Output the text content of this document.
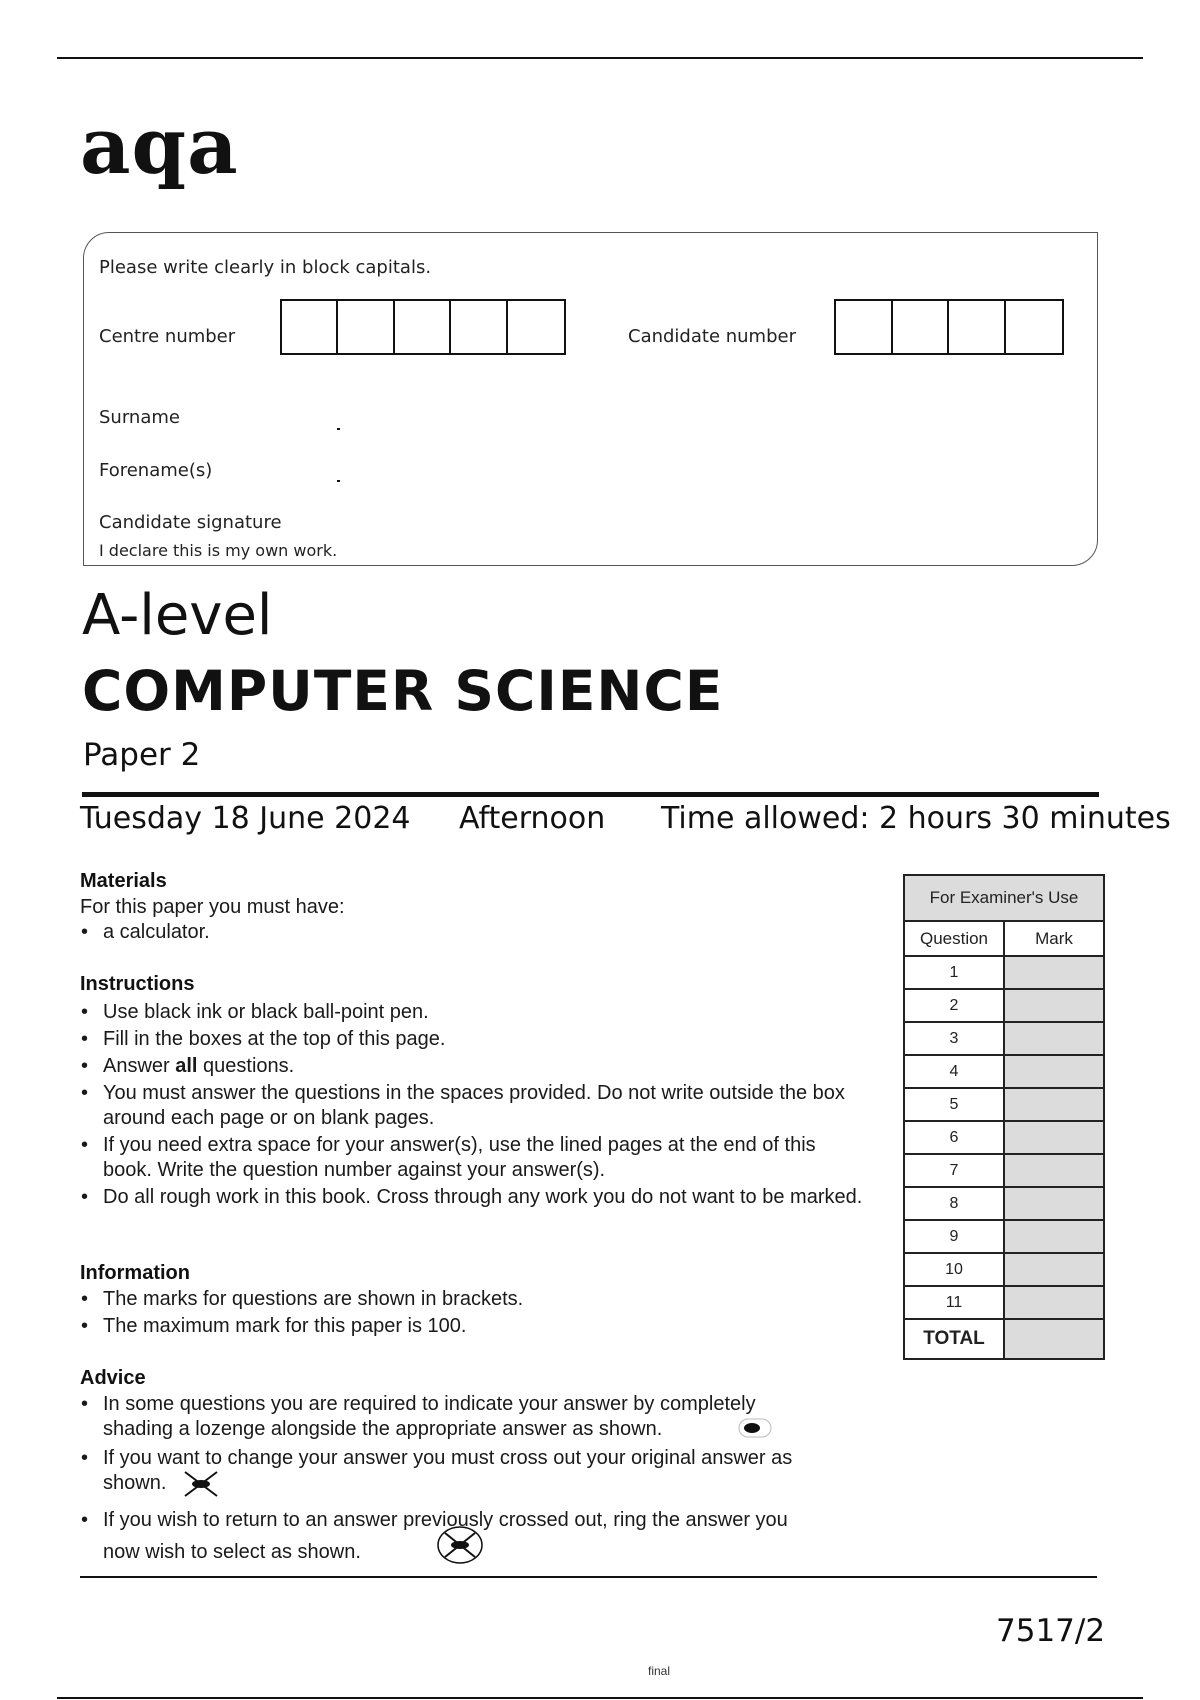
aqa
Please write clearly in block capitals.
Centre number	Candidate number
Surname
Forename(s)
Candidate signature
I declare this is my own work.
A-level
COMPUTER SCIENCE
Paper 2
Tuesday 18 June 2024 Afternoon Time allowed: 2 hours 30 minutes
Materials
For this paper you must have:
• a calculator.
Instructions
• Use black ink or black ball-point pen.
• Fill in the boxes at the top of this page.
• Answer all questions.
• You must answer the questions in the spaces provided. Do not write outside the box around each page or on blank pages.
• If you need extra space for your answer(s), use the lined pages at the end of this book. Write the question number against your answer(s).
• Do all rough work in this book. Cross through any work you do not want to be marked.
Information
• The marks for questions are shown in brackets.
• The maximum mark for this paper is 100.
Advice
• In some questions you are required to indicate your answer by completely shading a lozenge alongside the appropriate answer as shown.
• If you want to change your answer you must cross out your original answer as shown.
• If you wish to return to an answer previously crossed out, ring the answer you now wish to select as shown.
For Examiner's Use	
Question	Mark
1	
2	
3	
4	
5	
6	
7	
8	
9	
10	
11	
TOTAL	
7517/2
final
